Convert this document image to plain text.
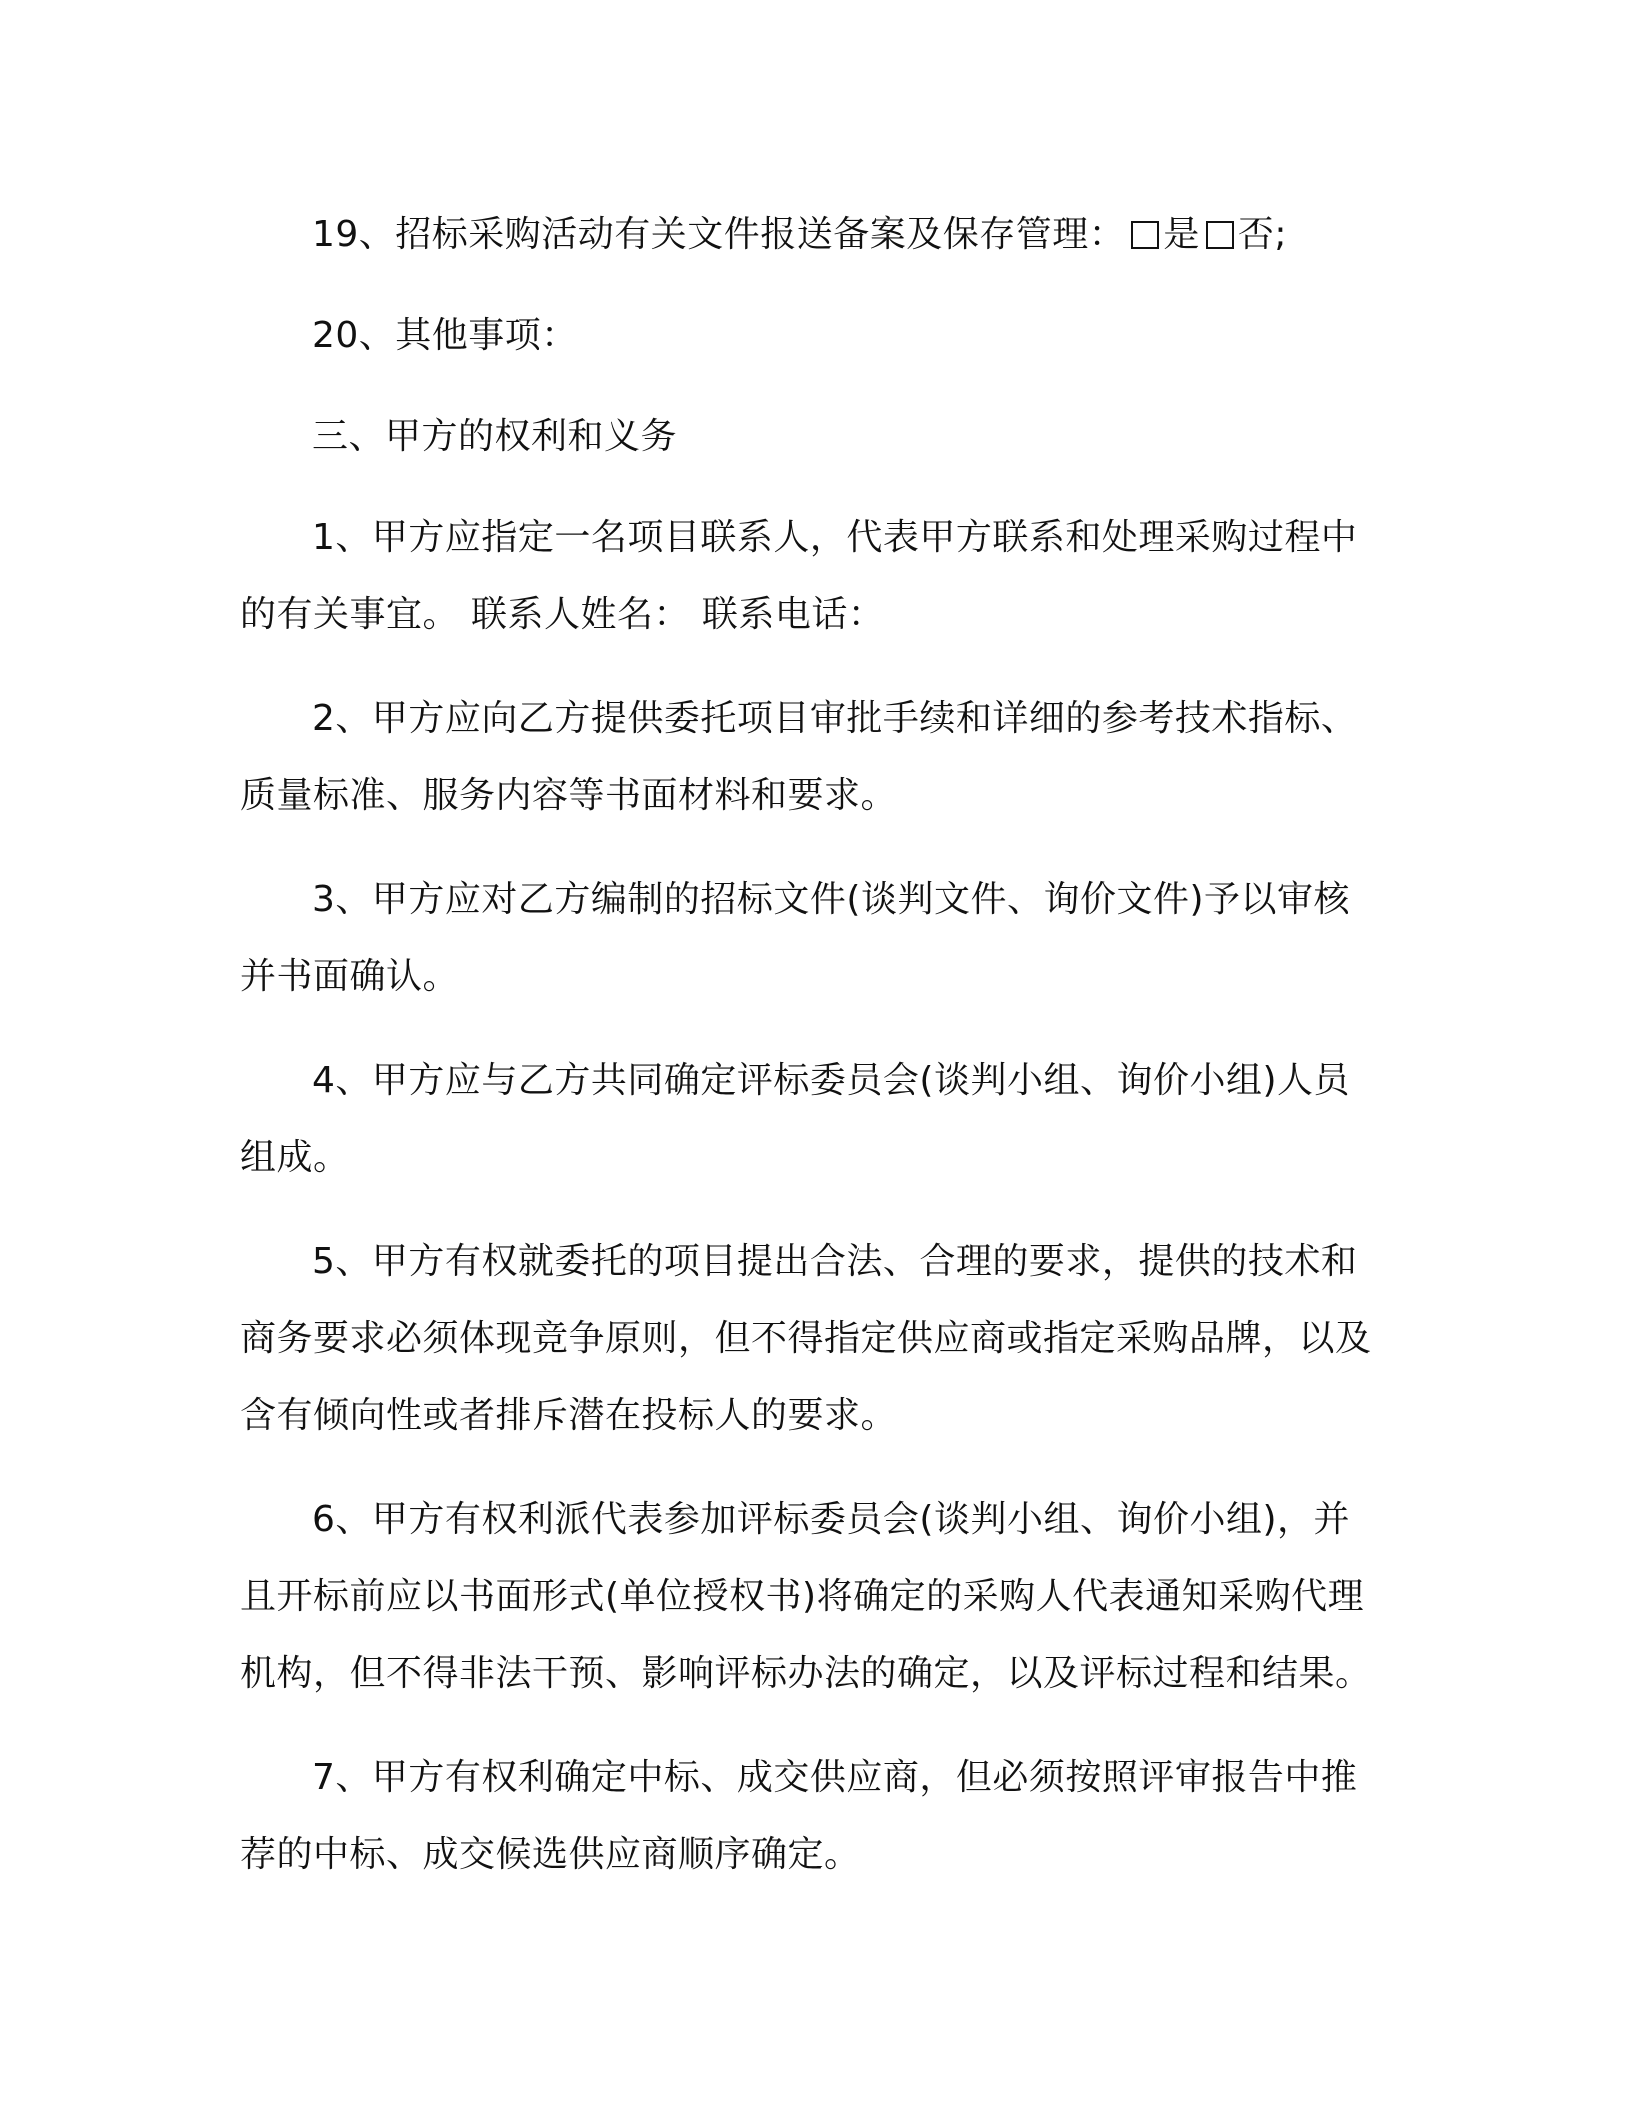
19、招标采购活动有关文件报送备案及保存管理： 是 否;

20、其他事项：

三、甲方的权利和义务

1、甲方应指定一名项目联系人，代表甲方联系和处理采购过程中的有关事宜。 联系人姓名： 联系电话：

2、甲方应向乙方提供委托项目审批手续和详细的参考技术指标、质量标准、服务内容等书面材料和要求。

3、甲方应对乙方编制的招标文件(谈判文件、询价文件)予以审核并书面确认。

4、甲方应与乙方共同确定评标委员会(谈判小组、询价小组)人员组成。

5、甲方有权就委托的项目提出合法、合理的要求，提供的技术和商务要求必须体现竞争原则，但不得指定供应商或指定采购品牌，以及含有倾向性或者排斥潜在投标人的要求。

6、甲方有权利派代表参加评标委员会(谈判小组、询价小组)，并且开标前应以书面形式(单位授权书)将确定的采购人代表通知采购代理机构，但不得非法干预、影响评标办法的确定，以及评标过程和结果。

7、甲方有权利确定中标、成交供应商，但必须按照评审报告中推荐的中标、成交候选供应商顺序确定。
